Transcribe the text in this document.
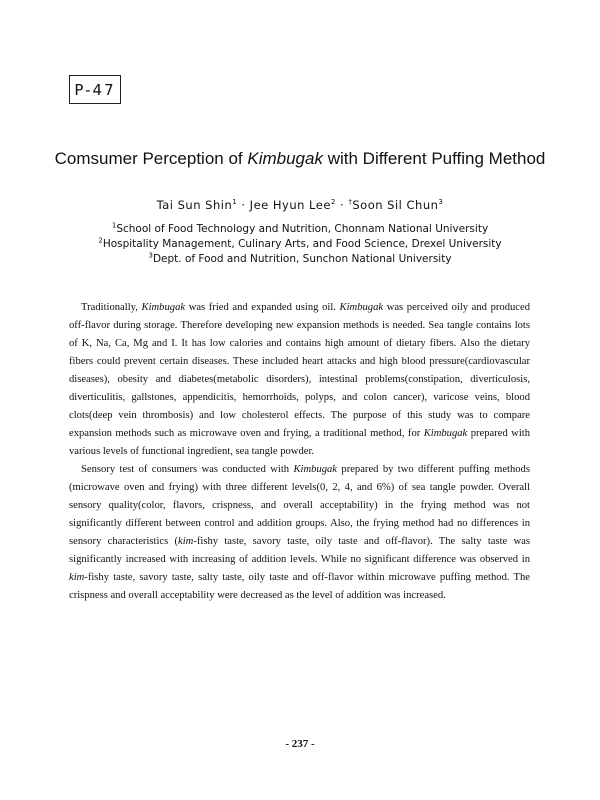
P-47
Comsumer Perception of Kimbugak with Different Puffing Method
Tai Sun Shin$^1$ · Jee Hyun Lee$^2$ · †Soon Sil Chun$^3$
$^1$School of Food Technology and Nutrition, Chonnam National University
$^2$Hospitality Management, Culinary Arts, and Food Science, Drexel University
$^3$Dept. of Food and Nutrition, Sunchon National University

Traditionally, Kimbugak was fried and expanded using oil. Kimbugak was perceived oily and produced off-flavor during storage. Therefore developing new expansion methods is needed. Sea tangle contains lots of K, Na, Ca, Mg and I. It has low calories and contains high amount of dietary fibers. Also the dietary fibers could prevent certain diseases. These included heart attacks and high blood pressure(cardiovascular diseases), obesity and diabetes(metabolic disorders), intestinal problems(constipation, diverticulosis, diverticulitis, gallstones, appendicitis, hemorrhoids, polyps, and colon cancer), varicose veins, blood clots(deep vein thrombosis) and low cholesterol effects. The purpose of this study was to compare expansion methods such as microwave oven and frying, a traditional method, for Kimbugak prepared with various levels of functional ingredient, sea tangle powder.

Sensory test of consumers was conducted with Kimbugak prepared by two different puffing methods (microwave oven and frying) with three different levels(0, 2, 4, and 6%) of sea tangle powder. Overall sensory quality(color, flavors, crispness, and overall acceptability) in the frying method was not significantly different between control and addition groups. Also, the frying method had no differences in sensory characteristics (kim-fishy taste, savory taste, oily taste and off-flavor). The salty taste was significantly increased with increasing of addition levels. While no significant difference was observed in kim-fishy taste, savory taste, salty taste, oily taste and off-flavor within microwave puffing method. The crispness and overall acceptability were decreased as the level of addition was increased.

- 237 -
